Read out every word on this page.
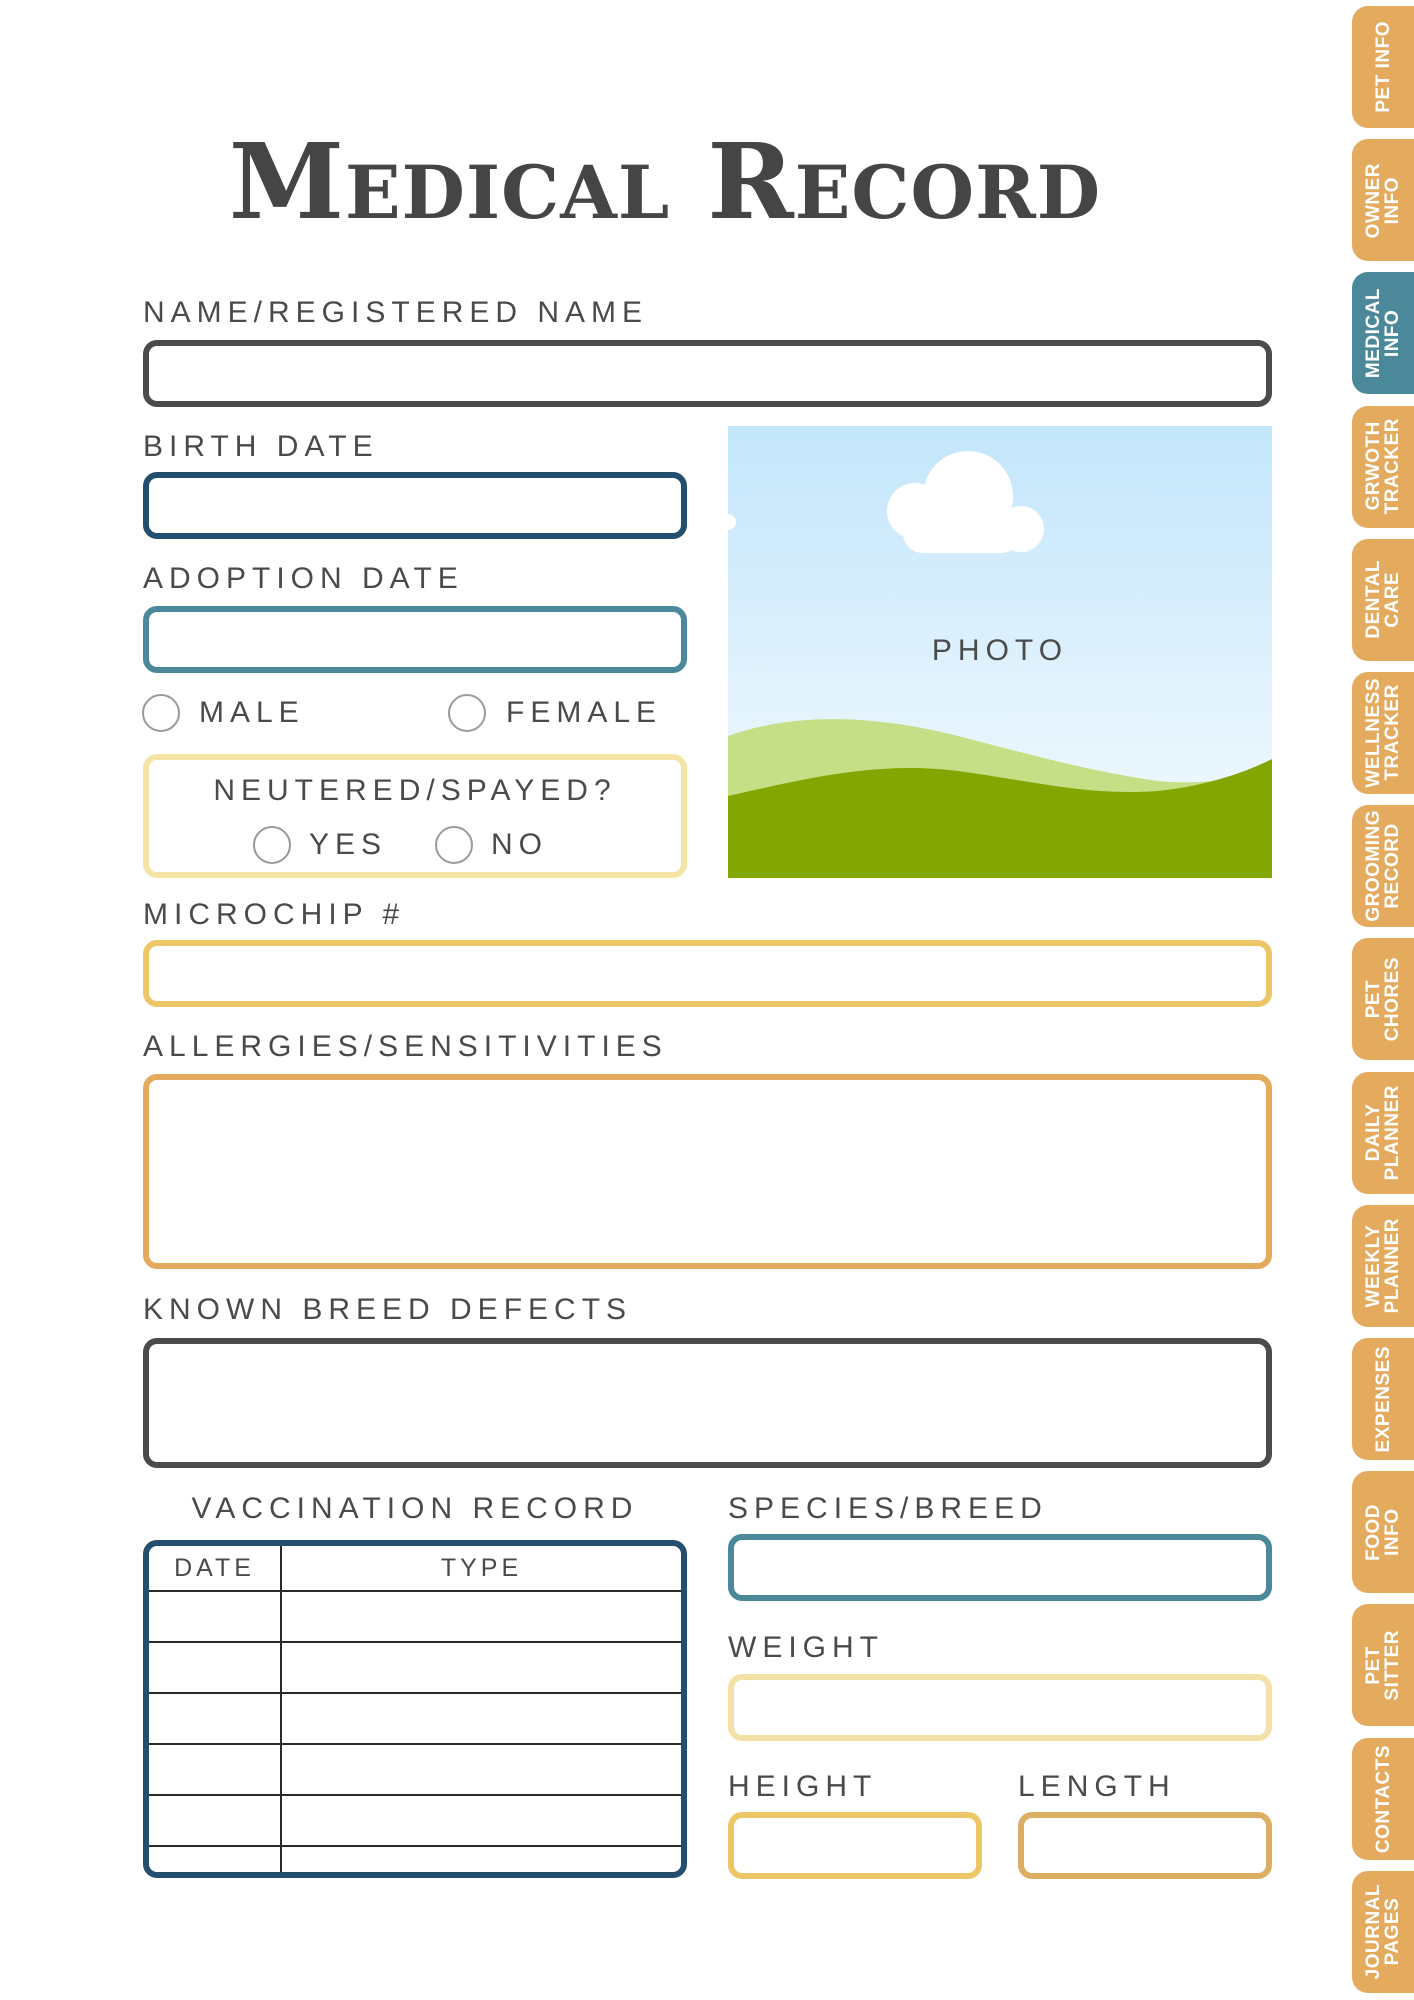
Medical Record
NAME/REGISTERED NAME
BIRTH DATE
ADOPTION DATE
MALE	FEMALE
NEUTERED/SPAYED?
YES	NO
PHOTO
MICROCHIP #
ALLERGIES/SENSITIVITIES
KNOWN BREED DEFECTS
VACCINATION RECORD
DATE	TYPE

SPECIES/BREED
WEIGHT
HEIGHT	LENGTH
PET INFO
OWNER
INFO
MEDICAL
INFO
GRWOTH
TRACKER
DENTAL
CARE
WELLNESS
TRACKER
GROOMING
RECORD
PET
CHORES
DAILY
PLANNER
WEEKLY
PLANNER
EXPENSES
FOOD
INFO
PET
SITTER
CONTACTS
JOURNAL
PAGES
